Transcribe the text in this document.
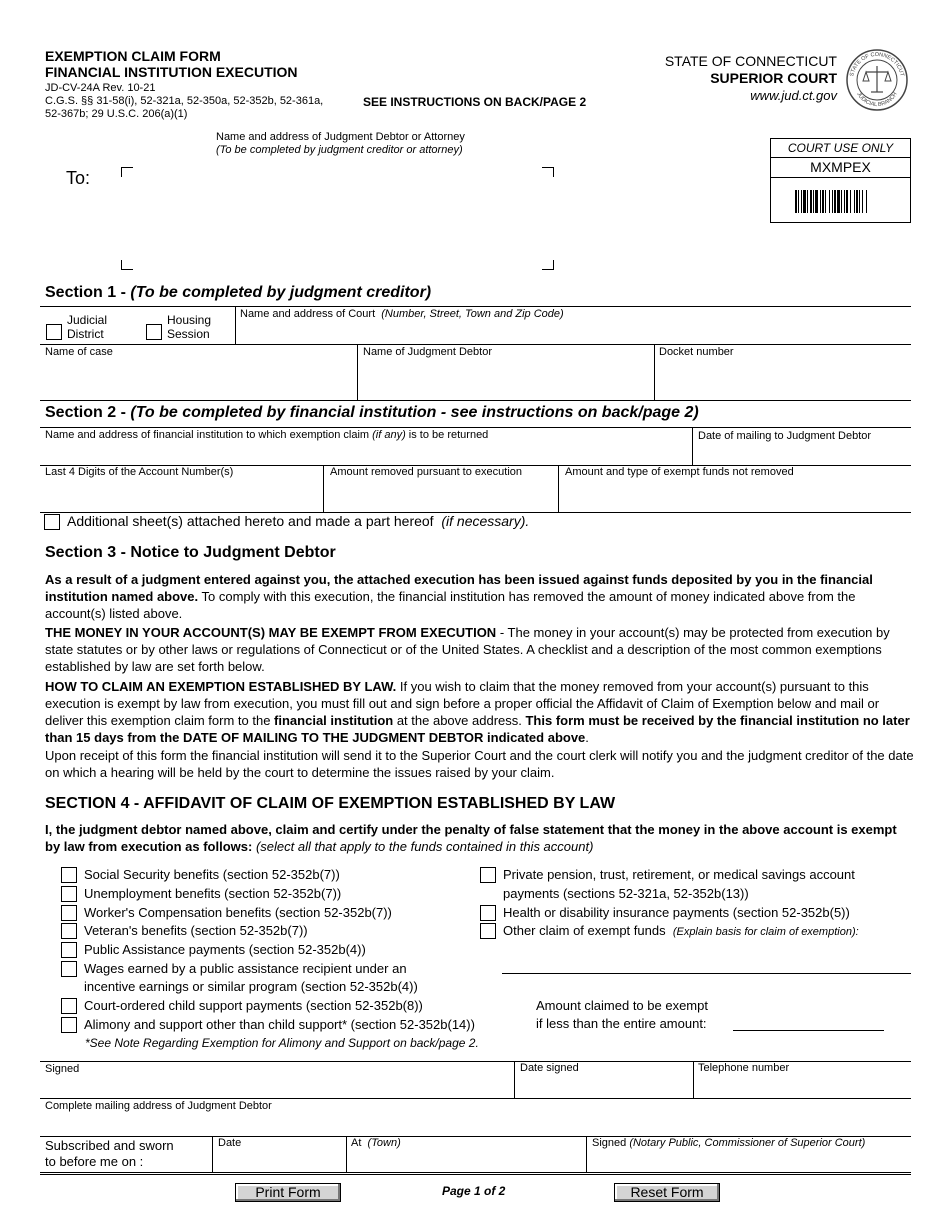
EXEMPTION CLAIM FORM
FINANCIAL INSTITUTION EXECUTION
JD-CV-24A Rev. 10-21
C.G.S. §§ 31-58(i), 52-321a, 52-350a, 52-352b, 52-361a,
52-367b; 29 U.S.C. 206(a)(1)
SEE INSTRUCTIONS ON BACK/PAGE 2
STATE OF CONNECTICUT
SUPERIOR COURT
www.jud.ct.gov
STATE OF CONNECTICUT
JUDICIAL BRANCH
Name and address of Judgment Debtor or Attorney
(To be completed by judgment creditor or attorney)
To:
COURT USE ONLY
MXMPEX
Section 1 - (To be completed by judgment creditor)
Judicial
District
Housing
Session
Name and address of Court (Number, Street, Town and Zip Code)
Name of case	Name of Judgment Debtor	Docket number
Section 2 - (To be completed by financial institution - see instructions on back/page 2)
Name and address of financial institution to which exemption claim (if any) is to be returned	Date of mailing to Judgment Debtor
Last 4 Digits of the Account Number(s)	Amount removed pursuant to execution	Amount and type of exempt funds not removed
Additional sheet(s) attached hereto and made a part hereof (if necessary).
Section 3 - Notice to Judgment Debtor
As a result of a judgment entered against you, the attached execution has been issued against funds deposited by you in the financial institution named above. To comply with this execution, the financial institution has removed the amount of money indicated above from the account(s) listed above.
THE MONEY IN YOUR ACCOUNT(S) MAY BE EXEMPT FROM EXECUTION - The money in your account(s) may be protected from execution by state statutes or by other laws or regulations of Connecticut or of the United States. A checklist and a description of the most common exemptions established by law are set forth below.
HOW TO CLAIM AN EXEMPTION ESTABLISHED BY LAW. If you wish to claim that the money removed from your account(s) pursuant to this execution is exempt by law from execution, you must fill out and sign before a proper official the Affidavit of Claim of Exemption below and mail or deliver this exemption claim form to the financial institution at the above address. This form must be received by the financial institution no later than 15 days from the DATE OF MAILING TO THE JUDGMENT DEBTOR indicated above.
Upon receipt of this form the financial institution will send it to the Superior Court and the court clerk will notify you and the judgment creditor of the date on which a hearing will be held by the court to determine the issues raised by your claim.
SECTION 4 - AFFIDAVIT OF CLAIM OF EXEMPTION ESTABLISHED BY LAW
I, the judgment debtor named above, claim and certify under the penalty of false statement that the money in the above account is exempt by law from execution as follows: (select all that apply to the funds contained in this account)
Social Security benefits (section 52-352b(7))
Unemployment benefits (section 52-352b(7))
Worker's Compensation benefits (section 52-352b(7))
Veteran's benefits (section 52-352b(7))
Public Assistance payments (section 52-352b(4))
Wages earned by a public assistance recipient under an
incentive earnings or similar program (section 52-352b(4))
Court-ordered child support payments (section 52-352b(8))
Alimony and support other than child support* (section 52-352b(14))
*See Note Regarding Exemption for Alimony and Support on back/page 2.
Private pension, trust, retirement, or medical savings account
payments (sections 52-321a, 52-352b(13))
Health or disability insurance payments (section 52-352b(5))
Other claim of exempt funds (Explain basis for claim of exemption):
Amount claimed to be exempt
if less than the entire amount:
Signed	Date signed	Telephone number
Complete mailing address of Judgment Debtor
Subscribed and sworn
to before me on :
Date	At (Town)	Signed (Notary Public, Commissioner of Superior Court)
Print Form	Page 1 of 2	Reset Form
